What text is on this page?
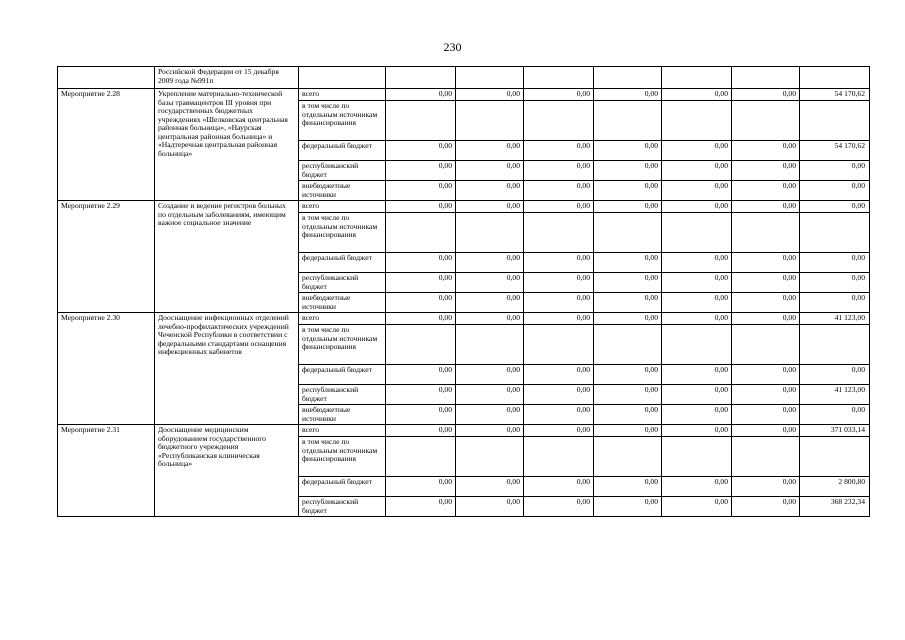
230
	Российской Федерации от 15 декабря 2009 года №991п								
Мероприятие 2.28	Укрепление материально-технической базы травмацентров III уровня при государственных бюджетных учреждениях «Шелковская центральная районная больница», «Наурская центральная районная больница» и «Надтеречная центральная районная больница»	всего	0,00	0,00	0,00	0,00	0,00	0,00	54 170,62
		в том числе по отдельным источникам финансирования							
		федеральный бюджет	0,00	0,00	0,00	0,00	0,00	0,00	54 170,62
		республиканский бюджет	0,00	0,00	0,00	0,00	0,00	0,00	0,00
		внебюджетные источники	0,00	0,00	0,00	0,00	0,00	0,00	0,00
Мероприятие 2.29	Создание и ведение регистров больных по отдельным заболеваниям, имеющим важное социальное значение	всего	0,00	0,00	0,00	0,00	0,00	0,00	0,00
		в том числе по отдельным источникам финансирования							
		федеральный бюджет	0,00	0,00	0,00	0,00	0,00	0,00	0,00
		республиканский бюджет	0,00	0,00	0,00	0,00	0,00	0,00	0,00
		внебюджетные источники	0,00	0,00	0,00	0,00	0,00	0,00	0,00
Мероприятие 2.30	Дооснащение инфекционных отделений лечебно-профилактических учреждений Чеченской Республики в соответствии с федеральными стандартами оснащения инфекционных кабинетов	всего	0,00	0,00	0,00	0,00	0,00	0,00	41 123,00
		в том числе по отдельным источникам финансирования							
		федеральный бюджет	0,00	0,00	0,00	0,00	0,00	0,00	0,00
		республиканский бюджет	0,00	0,00	0,00	0,00	0,00	0,00	41 123,00
		внебюджетные источники	0,00	0,00	0,00	0,00	0,00	0,00	0,00
Мероприятие 2.31	Дооснащение медицинским оборудованием государственного бюджетного учреждения «Республиканская клиническая больница»	всего	0,00	0,00	0,00	0,00	0,00	0,00	371 033,14
		в том числе по отдельным источникам финансирования							
		федеральный бюджет	0,00	0,00	0,00	0,00	0,00	0,00	2 800,80
		республиканский бюджет	0,00	0,00	0,00	0,00	0,00	0,00	368 232,34
